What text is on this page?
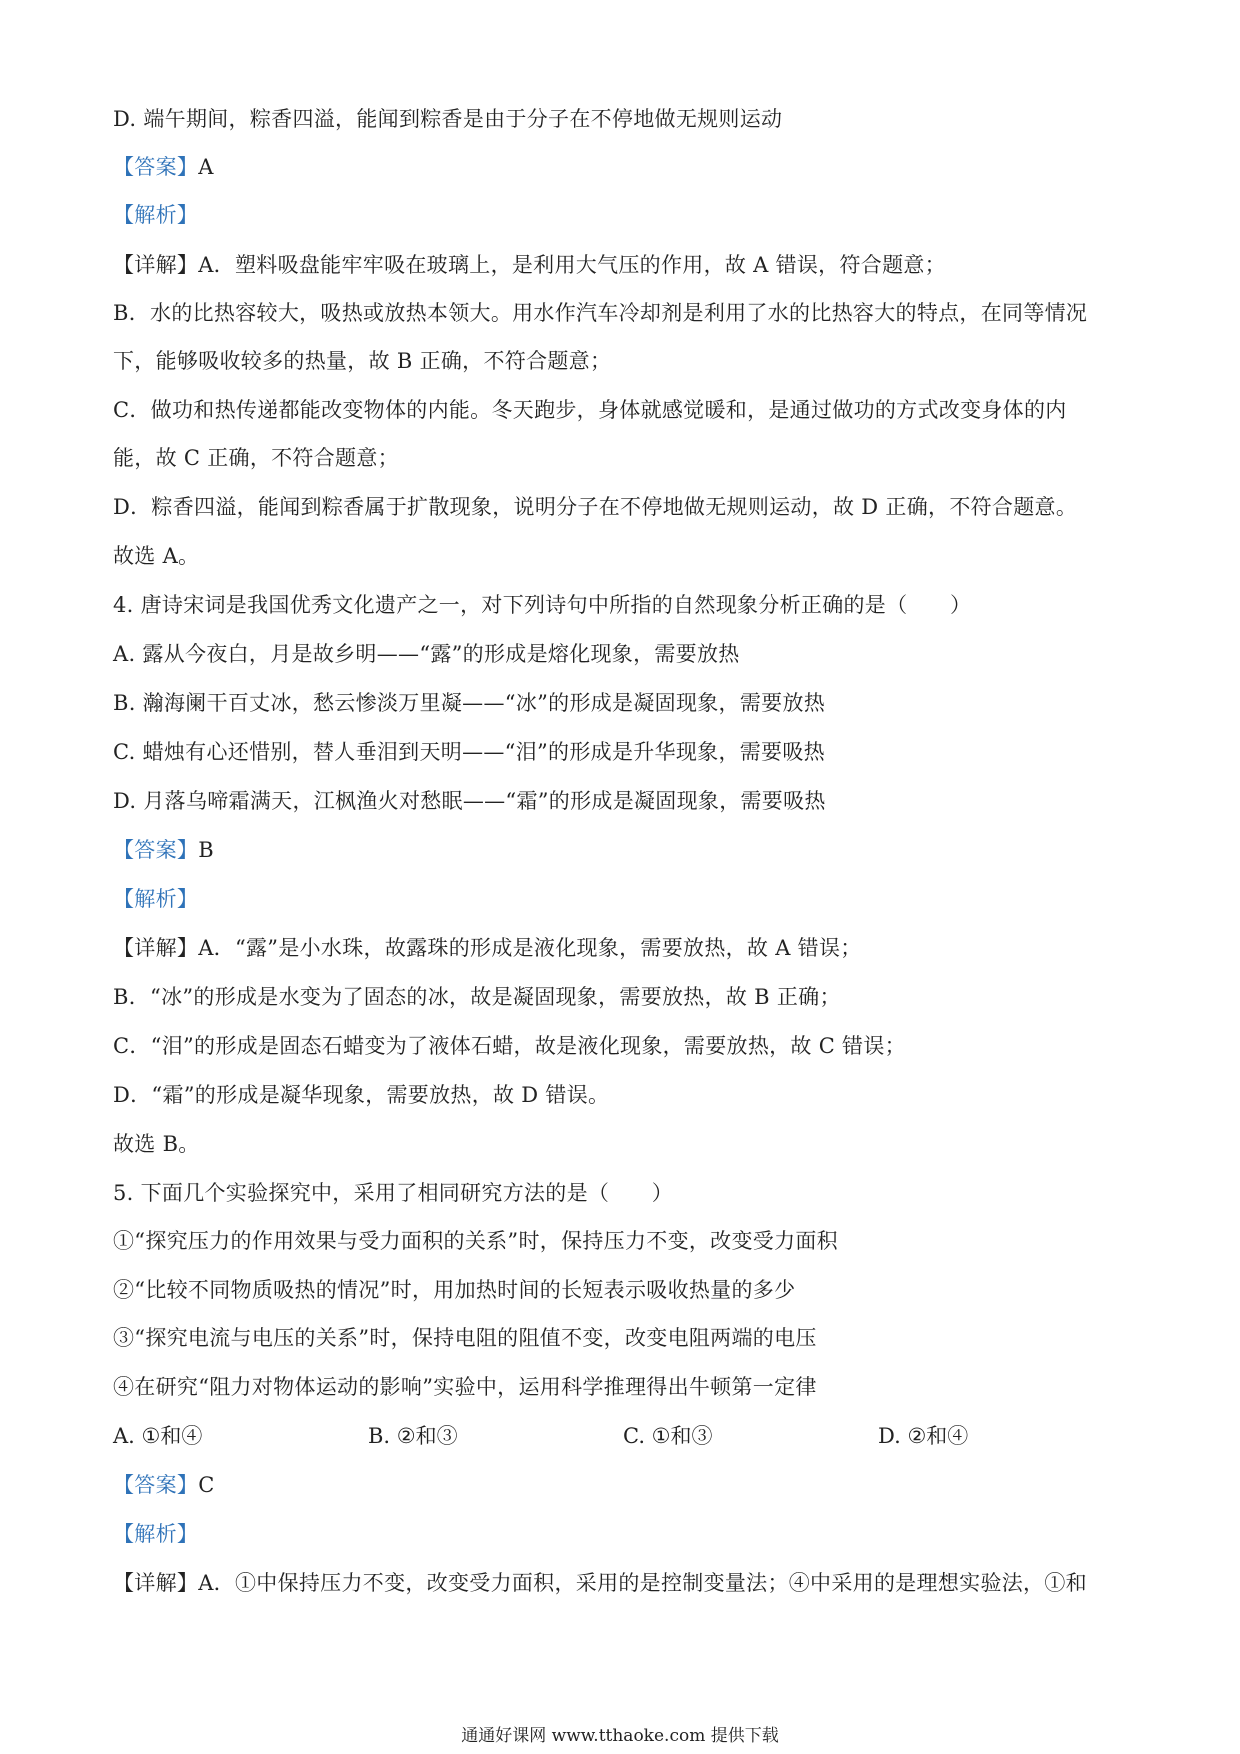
D. 端午期间，粽香四溢，能闻到粽香是由于分子在不停地做无规则运动
【答案】A
【解析】
【详解】A．塑料吸盘能牢牢吸在玻璃上，是利用大气压的作用，故 A 错误，符合题意；
B．水的比热容较大，吸热或放热本领大。用水作汽车冷却剂是利用了水的比热容大的特点，在同等情况
下，能够吸收较多的热量，故 B 正确，不符合题意；
C．做功和热传递都能改变物体的内能。冬天跑步，身体就感觉暖和，是通过做功的方式改变身体的内
能，故 C 正确，不符合题意；
D．粽香四溢，能闻到粽香属于扩散现象，说明分子在不停地做无规则运动，故 D 正确，不符合题意。
故选 A。
4. 唐诗宋词是我国优秀文化遗产之一，对下列诗句中所指的自然现象分析正确的是（　　）
A. 露从今夜白，月是故乡明——“露”的形成是熔化现象，需要放热
B. 瀚海阑干百丈冰，愁云惨淡万里凝——“冰”的形成是凝固现象，需要放热
C. 蜡烛有心还惜别，替人垂泪到天明——“泪”的形成是升华现象，需要吸热
D. 月落乌啼霜满天，江枫渔火对愁眠——“霜”的形成是凝固现象，需要吸热
【答案】B
【解析】
【详解】A．“露”是小水珠，故露珠的形成是液化现象，需要放热，故 A 错误；
B．“冰”的形成是水变为了固态的冰，故是凝固现象，需要放热，故 B 正确；
C．“泪”的形成是固态石蜡变为了液体石蜡，故是液化现象，需要放热，故 C 错误；
D．“霜”的形成是凝华现象，需要放热，故 D 错误。
故选 B。
5. 下面几个实验探究中，采用了相同研究方法的是（　　）
①“探究压力的作用效果与受力面积的关系”时，保持压力不变，改变受力面积
②“比较不同物质吸热的情况”时，用加热时间的长短表示吸收热量的多少
③“探究电流与电压的关系”时，保持电阻的阻值不变，改变电阻两端的电压
④在研究“阻力对物体运动的影响”实验中，运用科学推理得出牛顿第一定律
A. ①和④	B. ②和③	C. ①和③	D. ②和④
【答案】C
【解析】
【详解】A．①中保持压力不变，改变受力面积，采用的是控制变量法；④中采用的是理想实验法，①和
通通好课网 www.tthaoke.com 提供下载
